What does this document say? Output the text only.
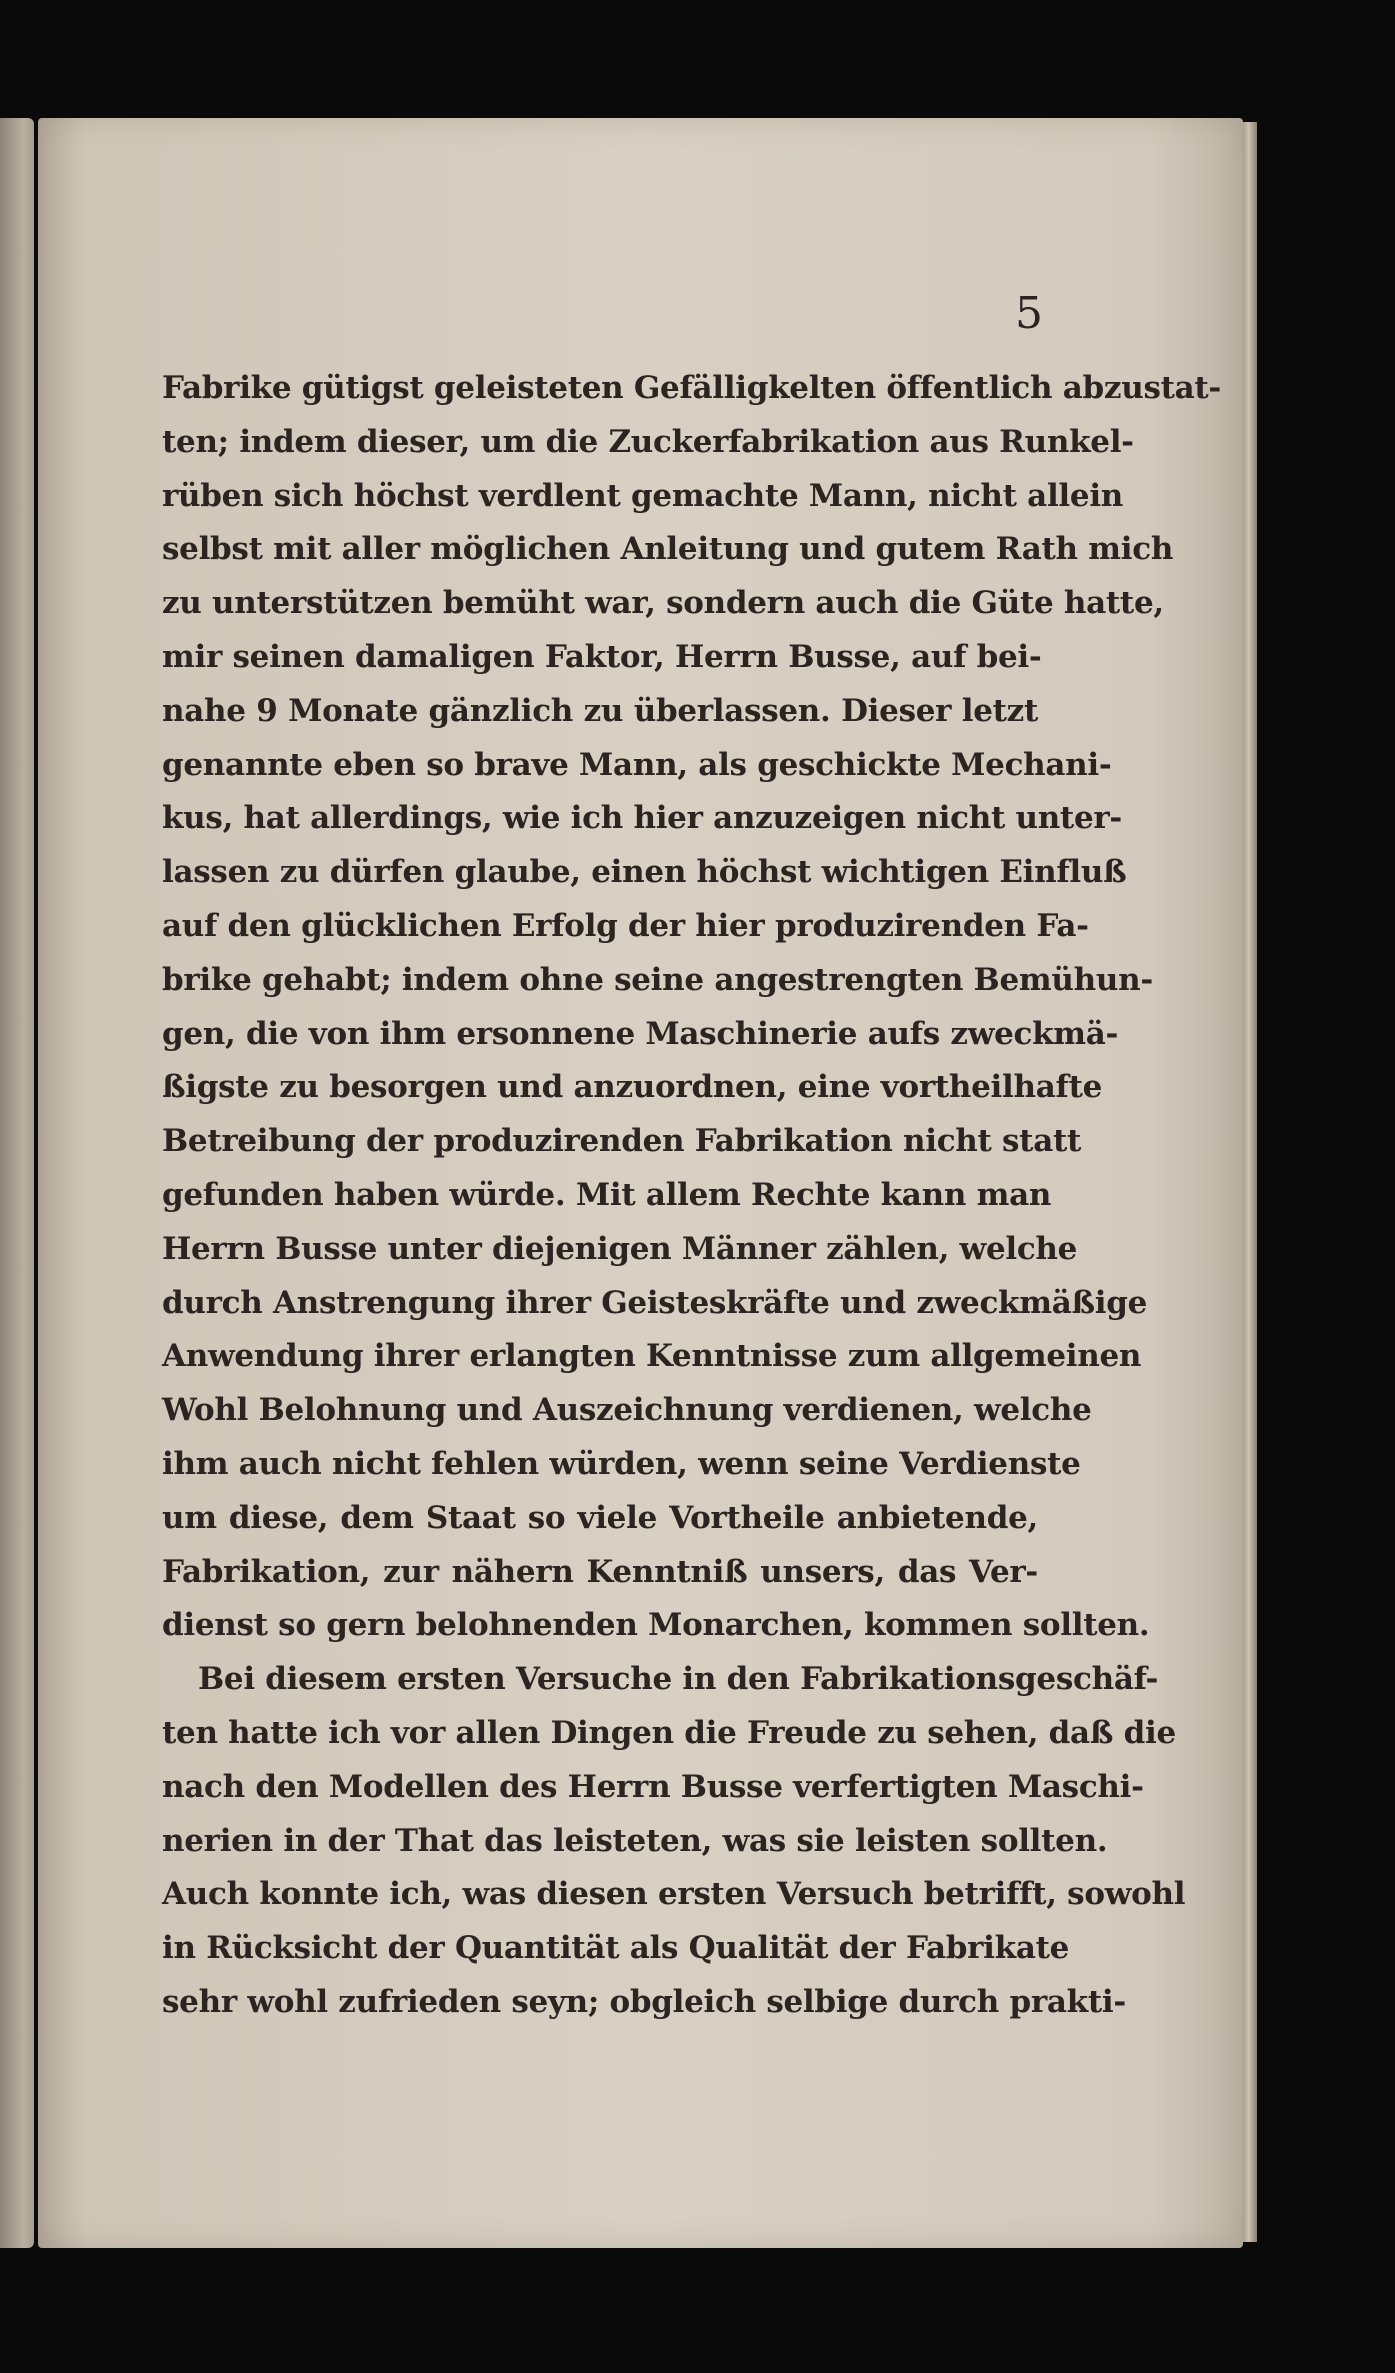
5

Fabrike gütigst geleisteten Gefälligkelten öffentlich abzustat-
ten; indem dieser, um die Zuckerfabrikation aus Runkel-
rüben sich höchst verdlent gemachte Mann, nicht allein
selbst mit aller möglichen Anleitung und gutem Rath mich
zu unterstützen bemüht war, sondern auch die Güte hatte,
mir seinen damaligen Faktor, Herrn Busse, auf bei-
nahe 9 Monate gänzlich zu überlassen. Dieser letzt
genannte eben so brave Mann, als geschickte Mechani-
kus, hat allerdings, wie ich hier anzuzeigen nicht unter-
lassen zu dürfen glaube, einen höchst wichtigen Einfluß
auf den glücklichen Erfolg der hier produzirenden Fa-
brike gehabt; indem ohne seine angestrengten Bemühun-
gen, die von ihm ersonnene Maschinerie aufs zweckmä-
ßigste zu besorgen und anzuordnen, eine vortheilhafte
Betreibung der produzirenden Fabrikation nicht statt
gefunden haben würde. Mit allem Rechte kann man
Herrn Busse unter diejenigen Männer zählen, welche
durch Anstrengung ihrer Geisteskräfte und zweckmäßige
Anwendung ihrer erlangten Kenntnisse zum allgemeinen
Wohl Belohnung und Auszeichnung verdienen, welche
ihm auch nicht fehlen würden, wenn seine Verdienste
um diese, dem Staat so viele Vortheile anbietende,
Fabrikation, zur nähern Kenntniß unsers, das Ver-
dienst so gern belohnenden Monarchen, kommen sollten.
Bei diesem ersten Versuche in den Fabrikationsgeschäf-
ten hatte ich vor allen Dingen die Freude zu sehen, daß die
nach den Modellen des Herrn Busse verfertigten Maschi-
nerien in der That das leisteten, was sie leisten sollten.
Auch konnte ich, was diesen ersten Versuch betrifft, sowohl
in Rücksicht der Quantität als Qualität der Fabrikate
sehr wohl zufrieden seyn; obgleich selbige durch prakti-
